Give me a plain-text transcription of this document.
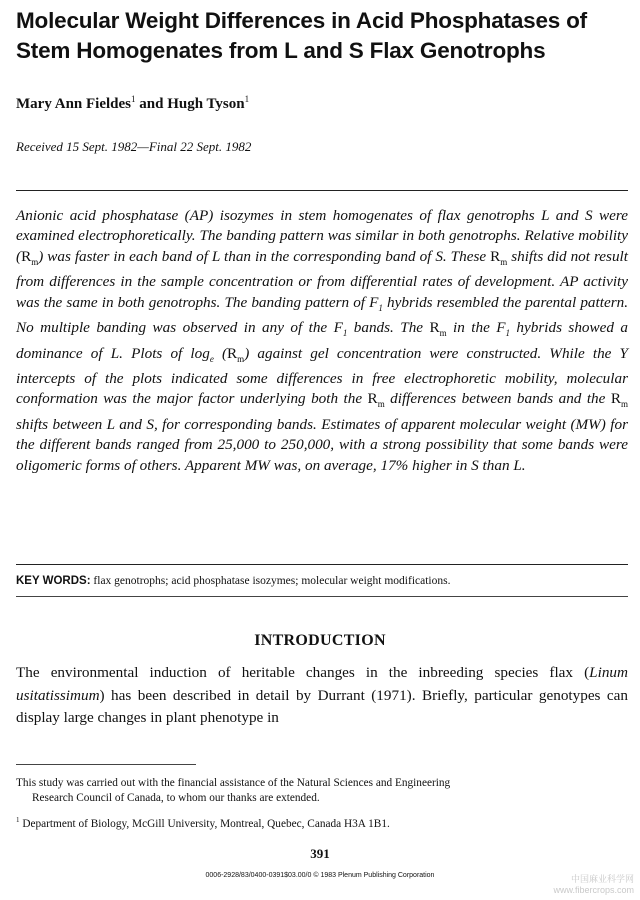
Molecular Weight Differences in Acid Phosphatases of Stem Homogenates from L and S Flax Genotrophs
Mary Ann Fieldes$^1$ and Hugh Tyson$^1$
Received 15 Sept. 1982—Final 22 Sept. 1982
Anionic acid phosphatase (AP) isozymes in stem homogenates of flax genotrophs L and S were examined electrophoretically. The banding pattern was similar in both genotrophs. Relative mobility $(R_m)$ was faster in each band of L than in the corresponding band of S. These $R_m$ shifts did not result from differences in the sample concentration or from differential rates of development. AP activity was the same in both genotrophs. The banding pattern of $F_1$ hybrids resembled the parental pattern. No multiple banding was observed in any of the $F_1$ bands. The $R_m$ in the $F_1$ hybrids showed a dominance of L. Plots of $\log_e (R_m)$ against gel concentration were constructed. While the Y intercepts of the plots indicated some differences in free electrophoretic mobility, molecular conformation was the major factor underlying both the $R_m$ differences between bands and the $R_m$ shifts between L and S, for corresponding bands. Estimates of apparent molecular weight (MW) for the different bands ranged from 25,000 to 250,000, with a strong possibility that some bands were oligomeric forms of others. Apparent MW was, on average, 17% higher in S than L.
KEY WORDS: flax genotrophs; acid phosphatase isozymes; molecular weight modifications.
INTRODUCTION
The environmental induction of heritable changes in the inbreeding species flax (Linum usitatissimum) has been described in detail by Durrant (1971). Briefly, particular genotypes can display large changes in plant phenotype in
This study was carried out with the financial assistance of the Natural Sciences and Engineering
Research Council of Canada, to whom our thanks are extended.
$^1$ Department of Biology, McGill University, Montreal, Quebec, Canada H3A 1B1.
391
0006-2928/83/0400-0391$03.00/0 © 1983 Plenum Publishing Corporation	中国麻业科学网
www.fibercrops.com
